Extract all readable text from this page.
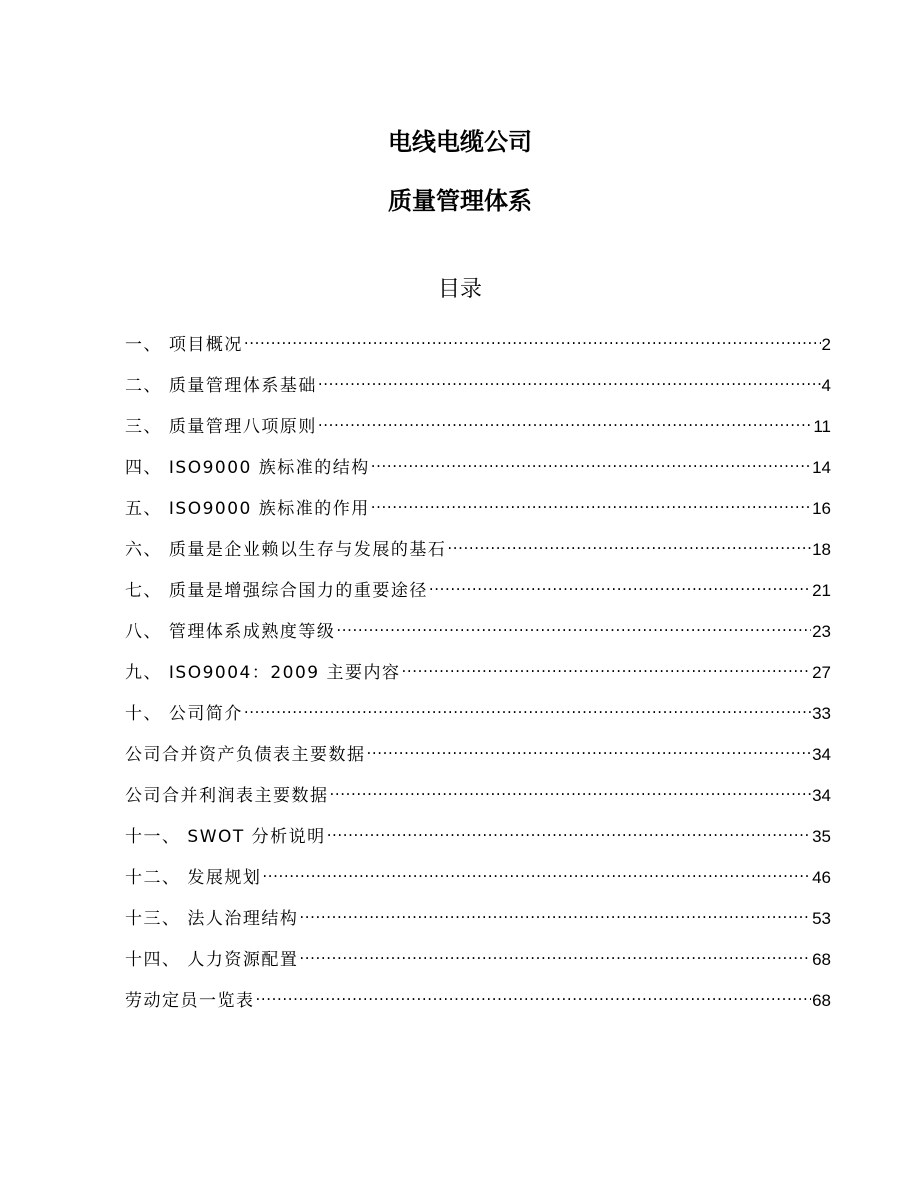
电线电缆公司
质量管理体系
目录
一、 项目概况 .....	2
二、 质量管理体系基础 .....	4
三、 质量管理八项原则 .....	11
四、 ISO9000 族标准的结构 .....	14
五、 ISO9000 族标准的作用 .....	16
六、 质量是企业赖以生存与发展的基石 .....	18
七、 质量是增强综合国力的重要途径 .....	21
八、 管理体系成熟度等级 .....	23
九、 ISO9004：2009 主要内容 .....	27
十、 公司简介 .....	33
公司合并资产负债表主要数据 .....	34
公司合并利润表主要数据 .....	34
十一、 SWOT 分析说明 .....	35
十二、 发展规划 .....	46
十三、 法人治理结构 .....	53
十四、 人力资源配置 .....	68
劳动定员一览表 .....	68
